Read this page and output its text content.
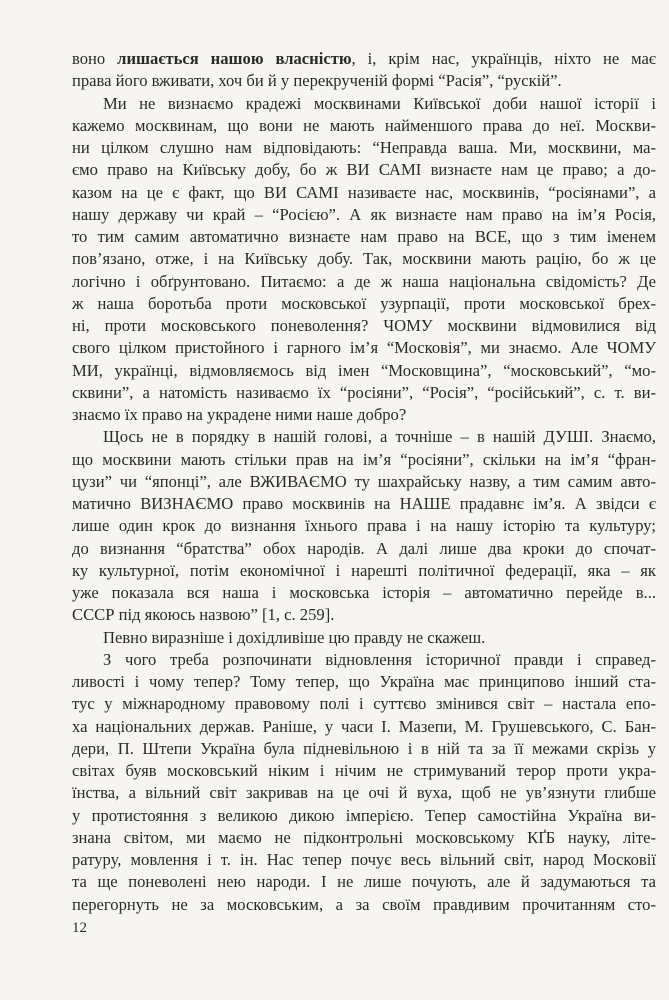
воно лишається нашою власністю, і, крім нас, українців, ніхто не має
права його вживати, хоч би й у перекрученій формі “Расія”, “рускій”.
Ми не визнаємо крадежі москвинами Київської доби нашої історії і
кажемо москвинам, що вони не мають найменшого права до неї. Москви-
ни цілком слушно нам відповідають: “Неправда ваша. Ми, москвини, ма-
ємо право на Київську добу, бо ж ВИ САМІ визнаєте нам це право; а до-
казом на це є факт, що ВИ САМІ називаєте нас, москвинів, “росіянами”, а
нашу державу чи край – “Росією”. А як визнаєте нам право на ім’я Росія,
то тим самим автоматично визнаєте нам право на ВСЕ, що з тим іменем
пов’язано, отже, і на Київську добу. Так, москвини мають рацію, бо ж це
логічно і обґрунтовано. Питаємо: а де ж наша національна свідомість? Де
ж наша боротьба проти московської узурпації, проти московської брех-
ні, проти московського поневолення? ЧОМУ москвини відмовилися від
свого цілком пристойного і гарного ім’я “Московія”, ми знаємо. Але ЧОМУ
МИ, українці, відмовляємось від імен “Московщина”, “московський”, “мо-
сквини”, а натомість називаємо їх “росіяни”, “Росія”, “російський”, с. т. ви-
знаємо їх право на украдене ними наше добро?
Щось не в порядку в нашій голові, а точніше – в нашій ДУШІ. Знаємо,
що москвини мають стільки прав на ім’я “росіяни”, скільки на ім’я “фран-
цузи” чи “японці”, але ВЖИВАЄМО ту шахрайську назву, а тим самим авто-
матично ВИЗНАЄМО право москвинів на НАШЕ прадавнє ім’я. А звідси є
лише один крок до визнання їхнього права і на нашу історію та культуру;
до визнання “братства” обох народів. А далі лише два кроки до спочат-
ку культурної, потім економічної і нарешті політичної федерації, яка – як
уже показала вся наша і московська історія – автоматично перейде в...
СССР під якоюсь назвою” [1, с. 259].
Певно виразніше і дохідливіше цю правду не скажеш.
З чого треба розпочинати відновлення історичної правди і справед-
ливості і чому тепер? Тому тепер, що Україна має принципово інший ста-
тус у міжнародному правовому полі і суттєво змінився світ – настала епо-
ха національних держав. Раніше, у часи І. Мазепи, М. Грушевського, С. Бан-
дери, П. Штепи Україна була підневільною і в ній та за її межами скрізь у
світах буяв московський ніким і нічим не стримуваний терор проти укра-
їнства, а вільний світ закривав на це очі й вуха, щоб не ув’язнути глибше
у протистояння з великою дикою імперією. Тепер самостійна Україна ви-
знана світом, ми маємо не підконтрольні московському КҐБ науку, літе-
ратуру, мовлення і т. ін. Нас тепер почує весь вільний світ, народ Московії
та ще поневолені нею народи. І не лише почують, але й задумаються та
перегорнуть не за московським, а за своїм правдивим прочитанням сто-
12
